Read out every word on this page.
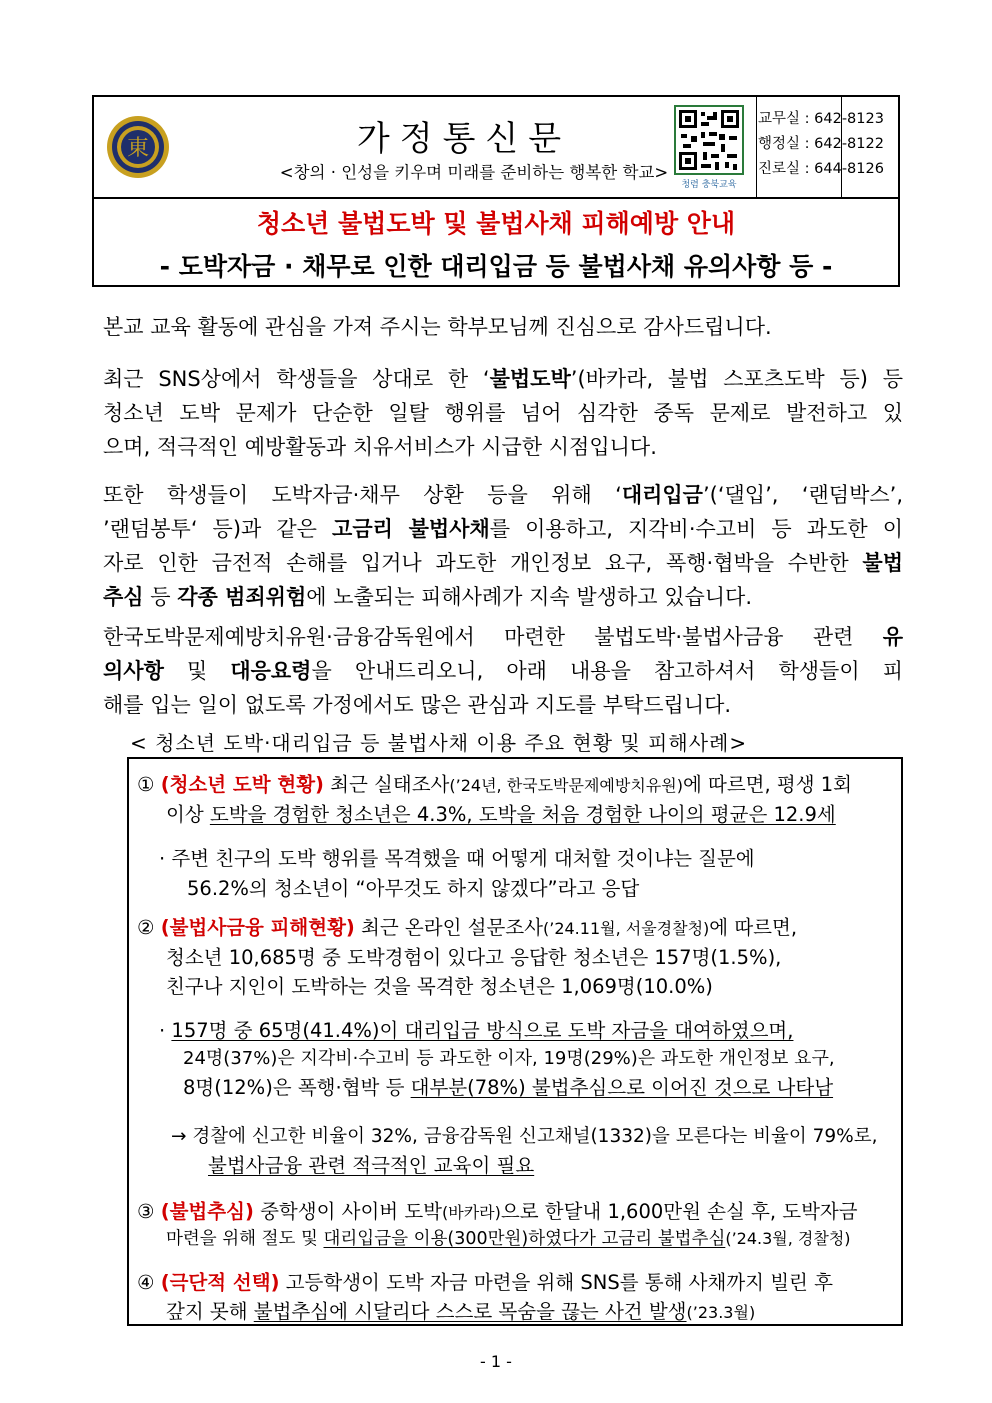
東	가정통신문
<창의 · 인성을 키우며 미래를 준비하는 행복한 학교>
청렴 충북교육
교무실 : 642-8123
행정실 : 642-8122
진로실 : 644-8126
청소년 불법도박 및 불법사채 피해예방 안내
- 도박자금 · 채무로 인한 대리입금 등 불법사채 유의사항 등 -
본교 교육 활동에 관심을 가져 주시는 학부모님께 진심으로 감사드립니다.
최근 SNS상에서 학생들을 상대로 한 ‘불법도박’(바카라, 불법 스포츠도박 등) 등
청소년 도박 문제가 단순한 일탈 행위를 넘어 심각한 중독 문제로 발전하고 있
으며, 적극적인 예방활동과 치유서비스가 시급한 시점입니다.
또한 학생들이 도박자금·채무 상환 등을 위해 ‘대리입금’(‘댈입’, ‘랜덤박스’,
’랜덤봉투‘ 등)과 같은 고금리 불법사채를 이용하고, 지각비·수고비 등 과도한 이
자로 인한 금전적 손해를 입거나 과도한 개인정보 요구, 폭행·협박을 수반한 불법
추심 등 각종 범죄위험에 노출되는 피해사례가 지속 발생하고 있습니다.
한국도박문제예방치유원·금융감독원에서 마련한 불법도박·불법사금융 관련 유
의사항 및 대응요령을 안내드리오니, 아래 내용을 참고하셔서 학생들이 피
해를 입는 일이 없도록 가정에서도 많은 관심과 지도를 부탁드립니다.
< 청소년 도박·대리입금 등 불법사채 이용 주요 현황 및 피해사례>
① (청소년 도박 현황) 최근 실태조사(’24년, 한국도박문제예방치유원)에 따르면, 평생 1회
이상 도박을 경험한 청소년은 4.3%, 도박을 처음 경험한 나이의 평균은 12.9세
· 주변 친구의 도박 행위를 목격했을 때 어떻게 대처할 것이냐는 질문에
56.2%의 청소년이 “아무것도 하지 않겠다”라고 응답
② (불법사금융 피해현황) 최근 온라인 설문조사(’24.11월, 서울경찰청)에 따르면,
청소년 10,685명 중 도박경험이 있다고 응답한 청소년은 157명(1.5%),
친구나 지인이 도박하는 것을 목격한 청소년은 1,069명(10.0%)
· 157명 중 65명(41.4%)이 대리입금 방식으로 도박 자금을 대여하였으며,
24명(37%)은 지각비·수고비 등 과도한 이자, 19명(29%)은 과도한 개인정보 요구,
8명(12%)은 폭행·협박 등 대부분(78%) 불법추심으로 이어진 것으로 나타남
→ 경찰에 신고한 비율이 32%, 금융감독원 신고채널(1332)을 모른다는 비율이 79%로,
불법사금융 관련 적극적인 교육이 필요
③ (불법추심) 중학생이 사이버 도박(바카라)으로 한달내 1,600만원 손실 후, 도박자금
마련을 위해 절도 및 대리입금을 이용(300만원)하였다가 고금리 불법추심(’24.3월, 경찰청)
④ (극단적 선택) 고등학생이 도박 자금 마련을 위해 SNS를 통해 사채까지 빌린 후
갚지 못해 불법추심에 시달리다 스스로 목숨을 끊는 사건 발생(’23.3월)
- 1 -
